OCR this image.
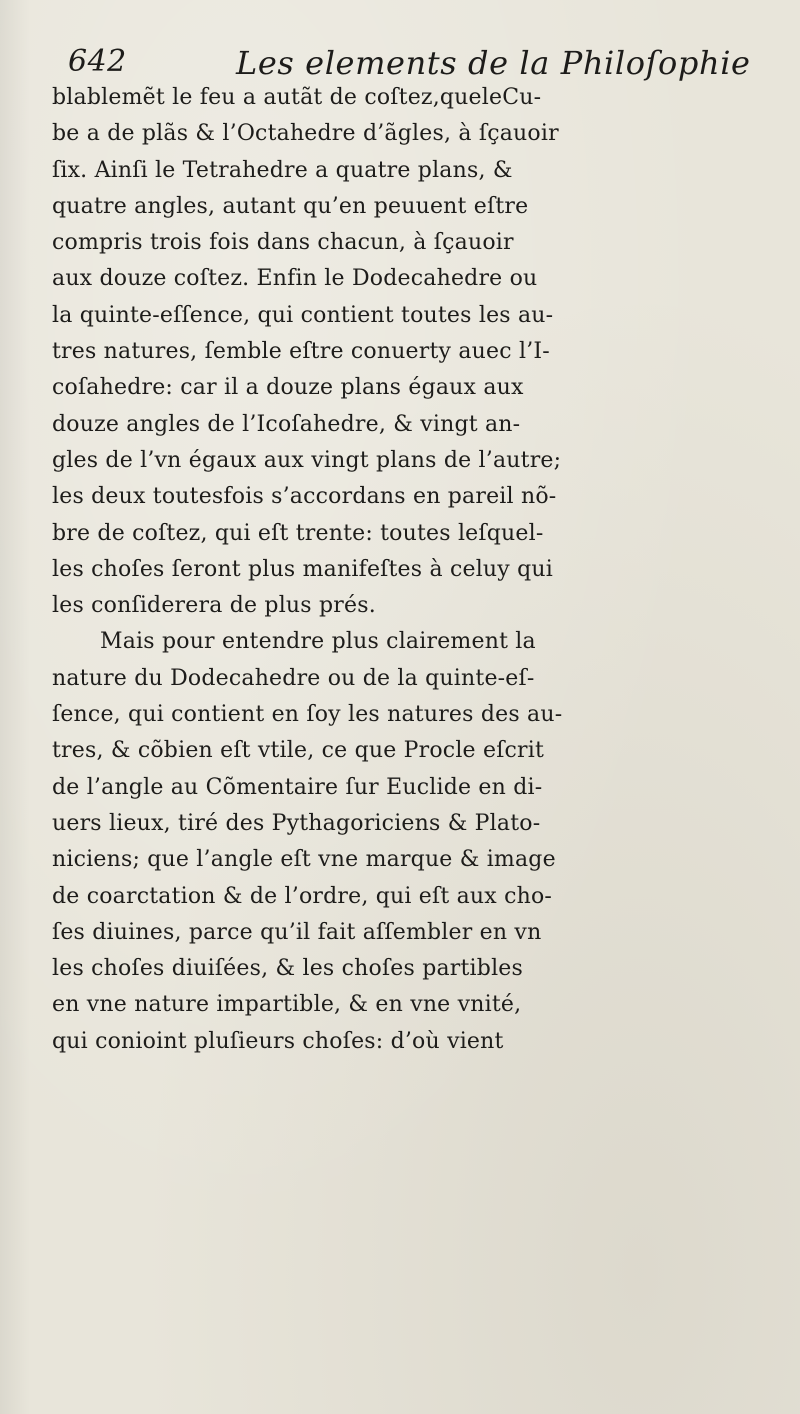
642	Les elements de la Philoſophie
blablemẽt le feu a autãt de coſtez,queleCu-
be a de plãs & l’Octahedre d’ãgles, à ſçauoir
ſix. Ainſi le Tetrahedre a quatre plans, &
quatre angles, autant qu’en peuuent eſtre
compris trois fois dans chacun, à ſçauoir
aux douze coſtez. Enfin le Dodecahedre ou
la quinte-eſſence, qui contient toutes les au-
tres natures, ſemble eſtre conuerty auec l’I-
coſahedre: car il a douze plans égaux aux
douze angles de l’Icoſahedre, & vingt an-
gles de l’vn égaux aux vingt plans de l’autre;
les deux toutesfois s’accordans en pareil nõ-
bre de coſtez, qui eſt trente: toutes leſquel-
les choſes ſeront plus manifeſtes à celuy qui
les conſiderera de plus prés.
Mais pour entendre plus clairement la
nature du Dodecahedre ou de la quinte-eſ-
ſence, qui contient en ſoy les natures des au-
tres, & cõbien eſt vtile, ce que Procle eſcrit
de l’angle au Cõmentaire ſur Euclide en di-
uers lieux, tiré des Pythagoriciens & Plato-
niciens; que l’angle eſt vne marque & image
de coarctation & de l’ordre, qui eſt aux cho-
ſes diuines, parce qu’il fait aſſembler en vn
les choſes diuiſées, & les choſes partibles
en vne nature impartible, & en vne vnité,
qui conioint pluſieurs choſes: d’où vient
